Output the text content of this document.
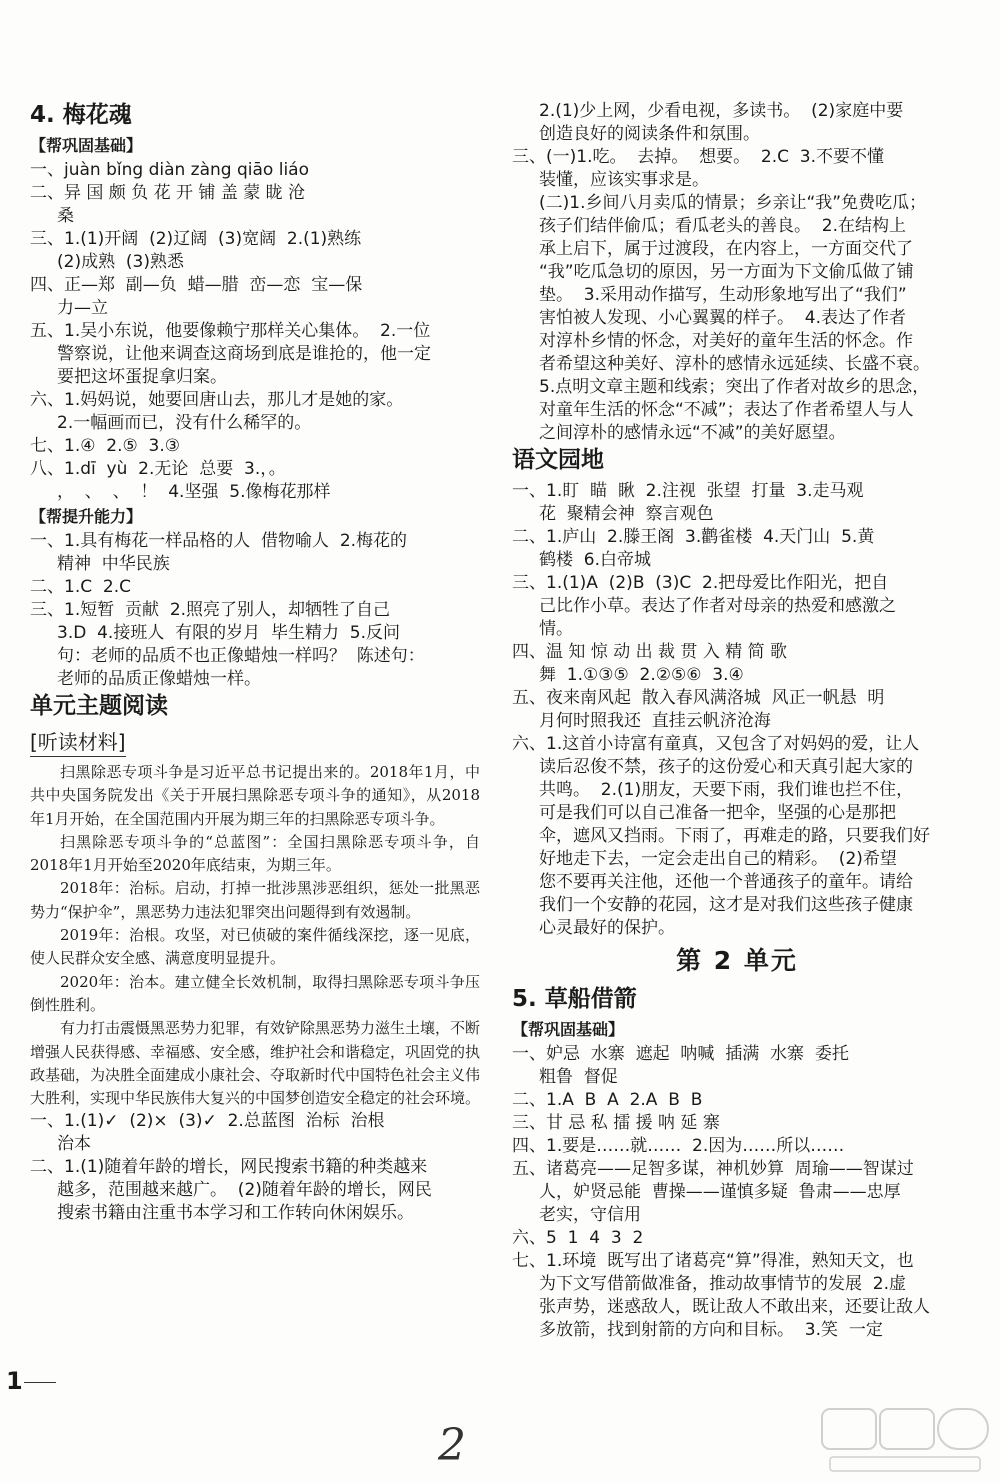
4. 梅花魂
【帮巩固基础】
一、juàn bǐng diàn zàng qiāo liáo
二、异 国 颇 负 花 开 铺 盖 蒙 眬 沧
桑
三、1.(1)开阔  (2)辽阔  (3)宽阔  2.(1)熟练
(2)成熟  (3)熟悉
四、正—郑  副—负  蜡—腊  峦—恋  宝—保
力—立
五、1.吴小东说，他要像赖宁那样关心集体。  2.一位
警察说，让他来调查这商场到底是谁抢的，他一定
要把这坏蛋捉拿归案。
六、1.妈妈说，她要回唐山去，那儿才是她的家。
2.一幅画而已，没有什么稀罕的。
七、1.④  2.⑤  3.③
八、1.dī  yù  2.无论  总要  3.，。
，  、  、  ！  4.坚强  5.像梅花那样
【帮提升能力】
一、1.具有梅花一样品格的人  借物喻人  2.梅花的
精神  中华民族
二、1.C  2.C
三、1.短暂  贡献  2.照亮了别人，却牺牲了自己
3.D  4.接班人  有限的岁月  毕生精力  5.反问
句：老师的品质不也正像蜡烛一样吗？  陈述句：
老师的品质正像蜡烛一样。
单元主题阅读
[听读材料]
扫黑除恶专项斗争是习近平总书记提出来的。2018年1月，中共中央国务院发出《关于开展扫黑除恶专项斗争的通知》，从2018年1月开始，在全国范围内开展为期三年的扫黑除恶专项斗争。
扫黑除恶专项斗争的“总蓝图”：全国扫黑除恶专项斗争，自2018年1月开始至2020年底结束，为期三年。
2018年：治标。启动，打掉一批涉黑涉恶组织，惩处一批黑恶势力“保护伞”，黑恶势力违法犯罪突出问题得到有效遏制。
2019年：治根。攻坚，对已侦破的案件循线深挖，逐一见底，使人民群众安全感、满意度明显提升。
2020年：治本。建立健全长效机制，取得扫黑除恶专项斗争压倒性胜利。
有力打击震慑黑恶势力犯罪，有效铲除黑恶势力滋生土壤，不断增强人民获得感、幸福感、安全感，维护社会和谐稳定，巩固党的执政基础，为决胜全面建成小康社会、夺取新时代中国特色社会主义伟大胜利，实现中华民族伟大复兴的中国梦创造安全稳定的社会环境。
一、1.(1)✓  (2)×  (3)✓  2.总蓝图  治标  治根
治本
二、1.(1)随着年龄的增长，网民搜索书籍的种类越来
越多，范围越来越广。  (2)随着年龄的增长，网民
搜索书籍由注重书本学习和工作转向休闲娱乐。
2.(1)少上网，少看电视，多读书。  (2)家庭中要
创造良好的阅读条件和氛围。
三、(一)1.吃。  去掉。  想要。  2.C  3.不要不懂
装懂，应该实事求是。
(二)1.乡间八月卖瓜的情景；乡亲让“我”免费吃瓜；
孩子们结伴偷瓜；看瓜老头的善良。  2.在结构上
承上启下，属于过渡段，在内容上，一方面交代了
“我”吃瓜急切的原因，另一方面为下文偷瓜做了铺
垫。  3.采用动作描写，生动形象地写出了“我们”
害怕被人发现、小心翼翼的样子。  4.表达了作者
对淳朴乡情的怀念，对美好的童年生活的怀念。作
者希望这种美好、淳朴的感情永远延续、长盛不衰。
5.点明文章主题和线索；突出了作者对故乡的思念，
对童年生活的怀念“不减”；表达了作者希望人与人
之间淳朴的感情永远“不减”的美好愿望。
语文园地
一、1.盯  瞄  瞅  2.注视  张望  打量  3.走马观
花  聚精会神  察言观色
二、1.庐山  2.滕王阁  3.鹳雀楼  4.天门山  5.黄
鹤楼  6.白帝城
三、1.(1)A  (2)B  (3)C  2.把母爱比作阳光，把自
己比作小草。表达了作者对母亲的热爱和感激之
情。
四、温 知 惊 动 出 裁 贯 入 精 简 歌
舞  1.①③⑤  2.②⑤⑥  3.④
五、夜来南风起  散入春风满洛城  风正一帆悬  明
月何时照我还  直挂云帆济沧海
六、1.这首小诗富有童真，又包含了对妈妈的爱，让人
读后忍俊不禁，孩子的这份爱心和天真引起大家的
共鸣。  2.(1)朋友，天要下雨，我们谁也拦不住，
可是我们可以自己准备一把伞，坚强的心是那把
伞，遮风又挡雨。下雨了，再难走的路，只要我们好
好地走下去，一定会走出自己的精彩。  (2)希望
您不要再关注他，还他一个普通孩子的童年。请给
我们一个安静的花园，这才是对我们这些孩子健康
心灵最好的保护。
第 2 单元
5. 草船借箭
【帮巩固基础】
一、妒忌  水寨  遮起  呐喊  插满  水寨  委托
粗鲁  督促
二、1.A  B  A  2.A  B  B
三、甘 忌 私 擂 援 呐 延 寨
四、1.要是……就……  2.因为……所以……
五、诸葛亮——足智多谋，神机妙算  周瑜——智谋过
人，妒贤忌能  曹操——谨慎多疑  鲁肃——忠厚
老实，守信用
六、5  1  4  3  2
七、1.环境  既写出了诸葛亮“算”得准，熟知天文，也
为下文写借箭做准备，推动故事情节的发展  2.虚
张声势，迷惑敌人，既让敌人不敢出来，还要让敌人
多放箭，找到射箭的方向和目标。  3.笑  一定
1
2
